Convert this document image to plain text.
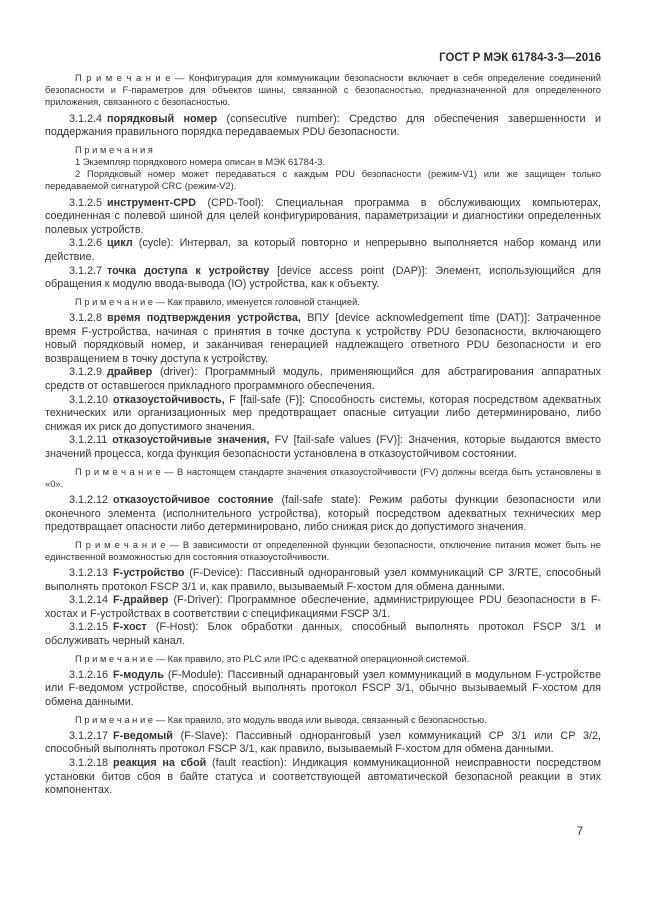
ГОСТ Р МЭК 61784-3-3—2016

П р и м е ч а н и е — Конфигурация для коммуникации безопасности включает в себя определение соединений безопасности и F-параметров для объектов шины, связанной с безопасностью, предназначенной для определенного приложения, связанного с безопасностью.

3.1.2.4 порядковый номер (consecutive number): Средство для обеспечения завершенности и поддержания правильного порядка передаваемых PDU безопасности.

П р и м е ч а н и я

1 Экземпляр порядкового номера описан в МЭК 61784-3.

2 Порядковый номер может передаваться с каждым PDU безопасности (режим-V1) или же защищен только передаваемой сигнатурой CRC (режим-V2).

3.1.2.5 инструмент-CPD (CPD-Tool): Специальная программа в обслуживающих компьютерах, соединенная с полевой шиной для целей конфигурирования, параметризации и диагностики определенных полевых устройств.

3.1.2.6 цикл (cycle): Интервал, за который повторно и непрерывно выполняется набор команд или действие.

3.1.2.7 точка доступа к устройству [device access point (DAP)]: Элемент, использующийся для обращения к модулю ввода-вывода (IO) устройства, как к объекту.

П р и м е ч а н и е — Как правило, именуется головной станцией.

3.1.2.8 время подтверждения устройства, ВПУ [device acknowledgement time (DAT)]: Затраченное время F-устройства, начиная с принятия в точке доступа к устройству PDU безопасности, включающего новый порядковый номер, и заканчивая генерацией надлежащего ответного PDU безопасности и его возвращением в точку доступа к устройству.

3.1.2.9 драйвер (driver): Программный модуль, применяющийся для абстрагирования аппаратных средств от оставшегося прикладного программного обеспечения.

3.1.2.10 отказоустойчивость, F [fail-safe (F)]: Способность системы, которая посредством адекватных технических или организационных мер предотвращает опасные ситуации либо детерминировано, либо снижая их риск до допустимого значения.

3.1.2.11 отказоустойчивые значения, FV [fail-safe values (FV)]: Значения, которые выдаются вместо значений процесса, когда функция безопасности установлена в отказоустойчивом состоянии.

П р и м е ч а н и е — В настоящем стандарте значения отказоустойчивости (FV) должны всегда быть установлены в «0».

3.1.2.12 отказоустойчивое состояние (fail-safe state): Режим работы функции безопасности или оконечного элемента (исполнительного устройства), который посредством адекватных технических мер предотвращает опасности либо детерминировано, либо снижая риск до допустимого значения.

П р и м е ч а н и е — В зависимости от определенной функции безопасности, отключение питания может быть не единственной возможностью для состояния отказоустойчивости.

3.1.2.13 F-устройство (F-Device): Пассивный одноранговый узел коммуникаций CP 3/RTE, способный выполнять протокол FSCP 3/1 и, как правило, вызываемый F-хостом для обмена данными.

3.1.2.14 F-драйвер (F-Driver): Программное обеспечение, администрирующее PDU безопасности в F-хостах и F-устройствах в соответствии с спецификациями FSCP 3/1.

3.1.2.15 F-хост (F-Host): Блок обработки данных, способный выполнять протокол FSCP 3/1 и обслуживать черный канал.

П р и м е ч а н и е — Как правило, это PLC или IPC с адекватной операционной системой.

3.1.2.16 F-модуль (F-Module): Пассивный однаранговый узел коммуникаций в модульном F-устройстве или F-ведомом устройстве, способный выполнять протокол FSCP 3/1, обычно вызываемый F-хостом для обмена данными.

П р и м е ч а н и е — Как правило, это модуль ввода или вывода, связанный с безопасностью.

3.1.2.17 F-ведомый (F-Slave): Пассивный одноранговый узел коммуникаций CP 3/1 или CP 3/2, способный выполнять протокол FSCP 3/1, как правило, вызываемый F-хостом для обмена данными.

3.1.2.18 реакция на сбой (fault reaction): Индикация коммуникационной неисправности посредством установки битов сбоя в байте статуса и соответствующей автоматической безопасной реакции в этих компонентах.

7
